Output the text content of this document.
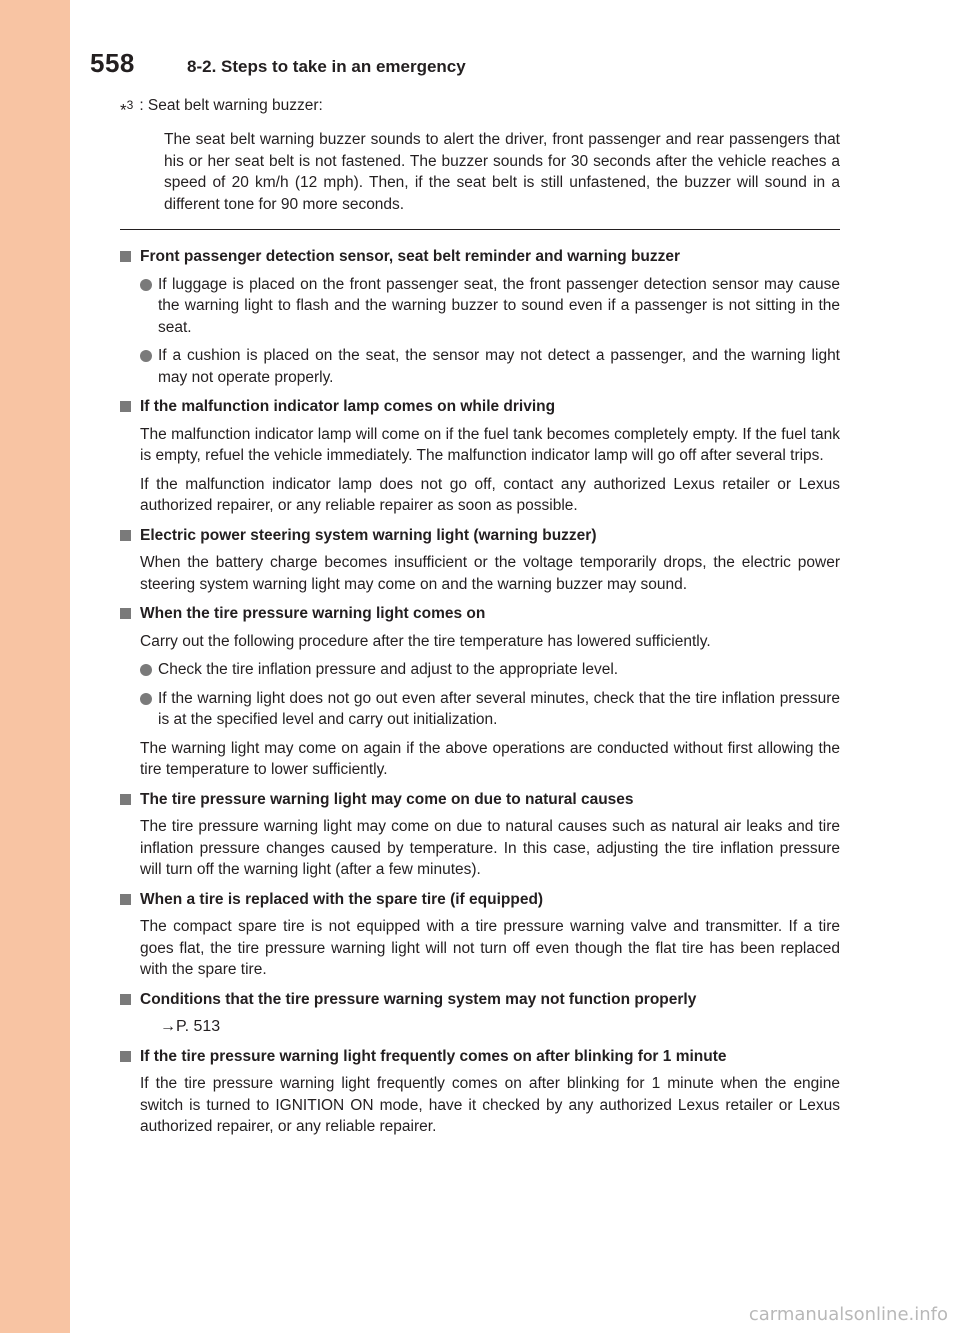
558	8-2. Steps to take in an emergency
*$^3$ : Seat belt warning buzzer:
The seat belt warning buzzer sounds to alert the driver, front passenger and rear passengers that his or her seat belt is not fastened. The buzzer sounds for 30 seconds after the vehicle reaches a speed of 20 km/h (12 mph). Then, if the seat belt is still unfastened, the buzzer will sound in a different tone for 90 more seconds.
Front passenger detection sensor, seat belt reminder and warning buzzer
If luggage is placed on the front passenger seat, the front passenger detection sensor may cause the warning light to flash and the warning buzzer to sound even if a passenger is not sitting in the seat.
If a cushion is placed on the seat, the sensor may not detect a passenger, and the warning light may not operate properly.
If the malfunction indicator lamp comes on while driving
The malfunction indicator lamp will come on if the fuel tank becomes completely empty. If the fuel tank is empty, refuel the vehicle immediately. The malfunction indicator lamp will go off after several trips.
If the malfunction indicator lamp does not go off, contact any authorized Lexus retailer or Lexus authorized repairer, or any reliable repairer as soon as possible.
Electric power steering system warning light (warning buzzer)
When the battery charge becomes insufficient or the voltage temporarily drops, the electric power steering system warning light may come on and the warning buzzer may sound.
When the tire pressure warning light comes on
Carry out the following procedure after the tire temperature has lowered sufficiently.
Check the tire inflation pressure and adjust to the appropriate level.
If the warning light does not go out even after several minutes, check that the tire inflation pressure is at the specified level and carry out initialization.
The warning light may come on again if the above operations are conducted without first allowing the tire temperature to lower sufficiently.
The tire pressure warning light may come on due to natural causes
The tire pressure warning light may come on due to natural causes such as natural air leaks and tire inflation pressure changes caused by temperature. In this case, adjusting the tire inflation pressure will turn off the warning light (after a few minutes).
When a tire is replaced with the spare tire (if equipped)
The compact spare tire is not equipped with a tire pressure warning valve and transmitter. If a tire goes flat, the tire pressure warning light will not turn off even though the flat tire has been replaced with the spare tire.
Conditions that the tire pressure warning system may not function properly
→P. 513
If the tire pressure warning light frequently comes on after blinking for 1 minute
If the tire pressure warning light frequently comes on after blinking for 1 minute when the engine switch is turned to IGNITION ON mode, have it checked by any authorized Lexus retailer or Lexus authorized repairer, or any reliable repairer.
carmanualsonline.info
